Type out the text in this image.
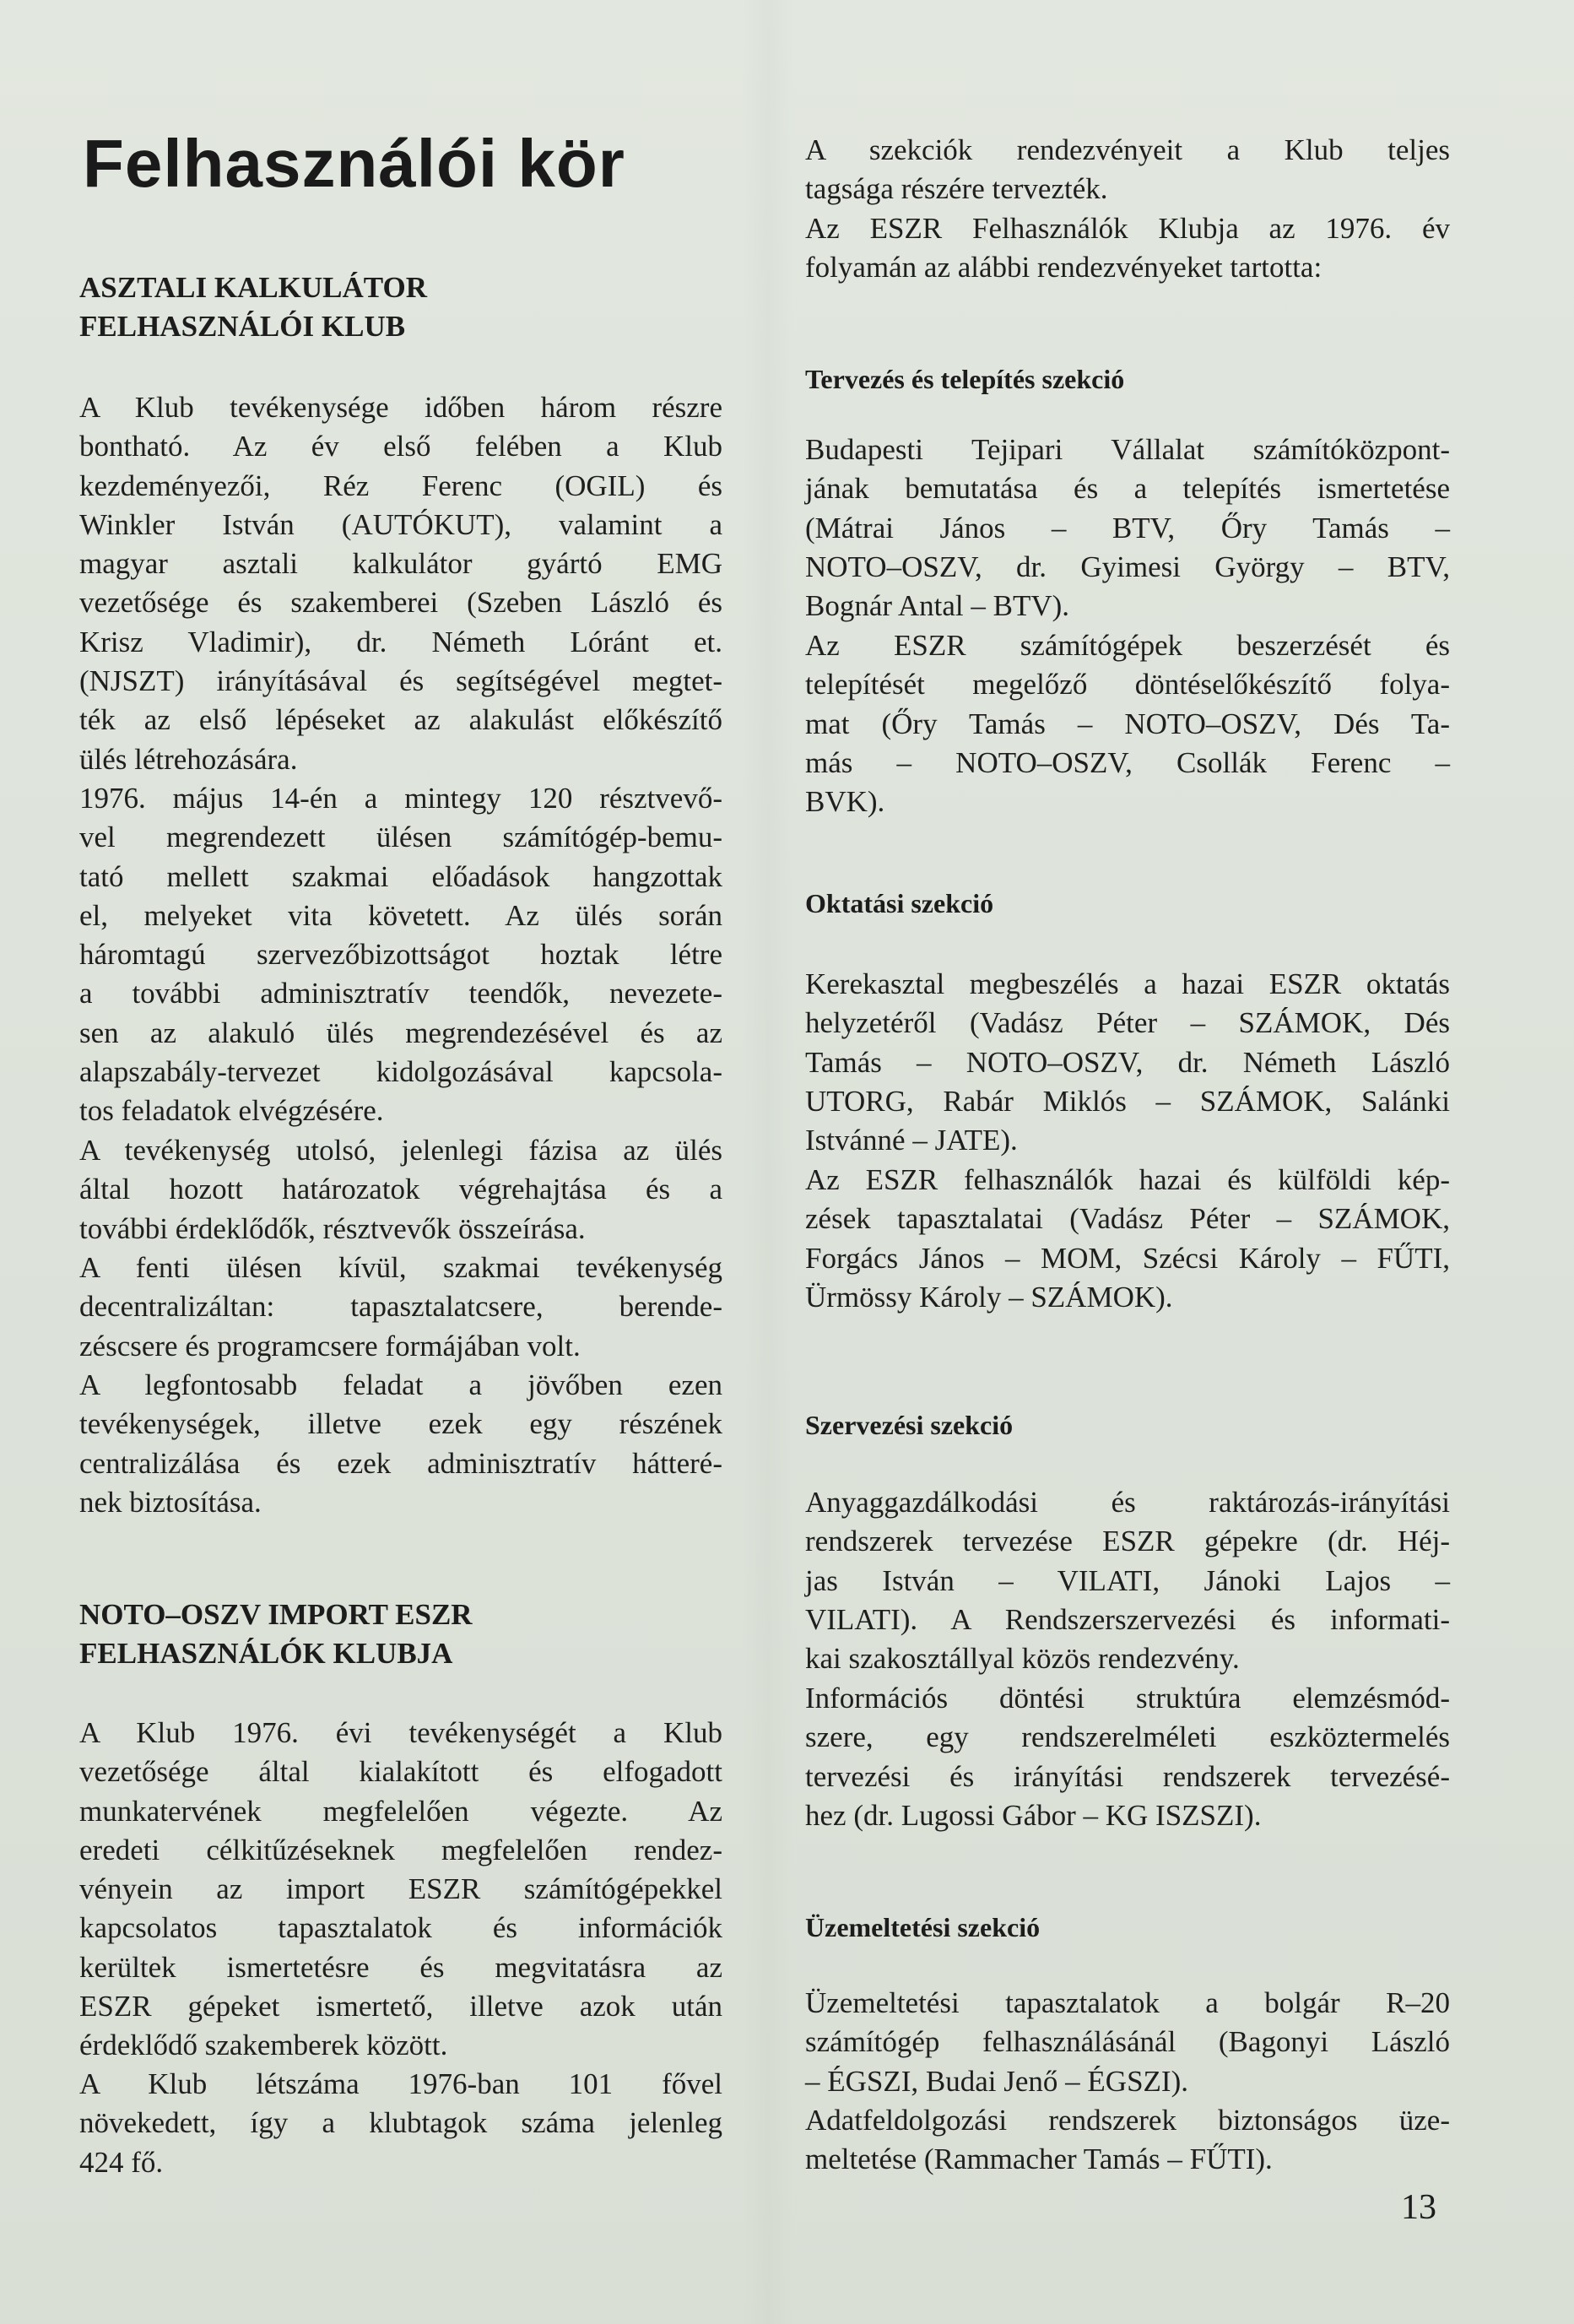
Felhasználói kör
ASZTALI KALKULÁTOR
FELHASZNÁLÓI KLUB
A Klub tevékenysége időben három részre
bontható. Az év első felében a Klub
kezdeményezői, Réz Ferenc (OGIL) és
Winkler István (AUTÓKUT), valamint a
magyar asztali kalkulátor gyártó EMG
vezetősége és szakemberei (Szeben László és
Krisz Vladimir), dr. Németh Lóránt et.
(NJSZT) irányításával és segítségével megtet-
ték az első lépéseket az alakulást előkészítő
ülés létrehozására.
1976. május 14-én a mintegy 120 résztvevő-
vel megrendezett ülésen számítógép-bemu-
tató mellett szakmai előadások hangzottak
el, melyeket vita követett. Az ülés során
háromtagú szervezőbizottságot hoztak létre
a további adminisztratív teendők, nevezete-
sen az alakuló ülés megrendezésével és az
alapszabály-tervezet kidolgozásával kapcsola-
tos feladatok elvégzésére.
A tevékenység utolsó, jelenlegi fázisa az ülés
által hozott határozatok végrehajtása és a
további érdeklődők, résztvevők összeírása.
A fenti ülésen kívül, szakmai tevékenység
decentralizáltan: tapasztalatcsere, berende-
zéscsere és programcsere formájában volt.
A legfontosabb feladat a jövőben ezen
tevékenységek, illetve ezek egy részének
centralizálása és ezek adminisztratív hátteré-
nek biztosítása.
NOTO–OSZV IMPORT ESZR
FELHASZNÁLÓK KLUBJA
A Klub 1976. évi tevékenységét a Klub
vezetősége által kialakított és elfogadott
munkatervének megfelelően végezte. Az
eredeti célkitűzéseknek megfelelően rendez-
vényein az import ESZR számítógépekkel
kapcsolatos tapasztalatok és információk
kerültek ismertetésre és megvitatásra az
ESZR gépeket ismertető, illetve azok után
érdeklődő szakemberek között.
A Klub létszáma 1976-ban 101 fővel
növekedett, így a klubtagok száma jelenleg
424 fő.
A szekciók rendezvényeit a Klub teljes
tagsága részére tervezték.
Az ESZR Felhasználók Klubja az 1976. év
folyamán az alábbi rendezvényeket tartotta:
Tervezés és telepítés szekció
Budapesti Tejipari Vállalat számítóközpont-
jának bemutatása és a telepítés ismertetése
(Mátrai János – BTV, Őry Tamás –
NOTO–OSZV, dr. Gyimesi György – BTV,
Bognár Antal – BTV).
Az ESZR számítógépek beszerzését és
telepítését megelőző döntéselőkészítő folya-
mat (Őry Tamás – NOTO–OSZV, Dés Ta-
más – NOTO–OSZV, Csollák Ferenc –
BVK).
Oktatási szekció
Kerekasztal megbeszélés a hazai ESZR oktatás
helyzetéről (Vadász Péter – SZÁMOK, Dés
Tamás – NOTO–OSZV, dr. Németh László
UTORG, Rabár Miklós – SZÁMOK, Salánki
Istvánné – JATE).
Az ESZR felhasználók hazai és külföldi kép-
zések tapasztalatai (Vadász Péter – SZÁMOK,
Forgács János – MOM, Szécsi Károly – FŰTI,
Ürmössy Károly – SZÁMOK).
Szervezési szekció
Anyaggazdálkodási és raktározás-irányítási
rendszerek tervezése ESZR gépekre (dr. Héj-
jas István – VILATI, Jánoki Lajos –
VILATI). A Rendszerszervezési és informati-
kai szakosztállyal közös rendezvény.
Információs döntési struktúra elemzésmód-
szere, egy rendszerelméleti eszköztermelés
tervezési és irányítási rendszerek tervezésé-
hez (dr. Lugossi Gábor – KG ISZSZI).
Üzemeltetési szekció
Üzemeltetési tapasztalatok a bolgár R–20
számítógép felhasználásánál (Bagonyi László
– ÉGSZI, Budai Jenő – ÉGSZI).
Adatfeldolgozási rendszerek biztonságos üze-
meltetése (Rammacher Tamás – FŰTI).

13
